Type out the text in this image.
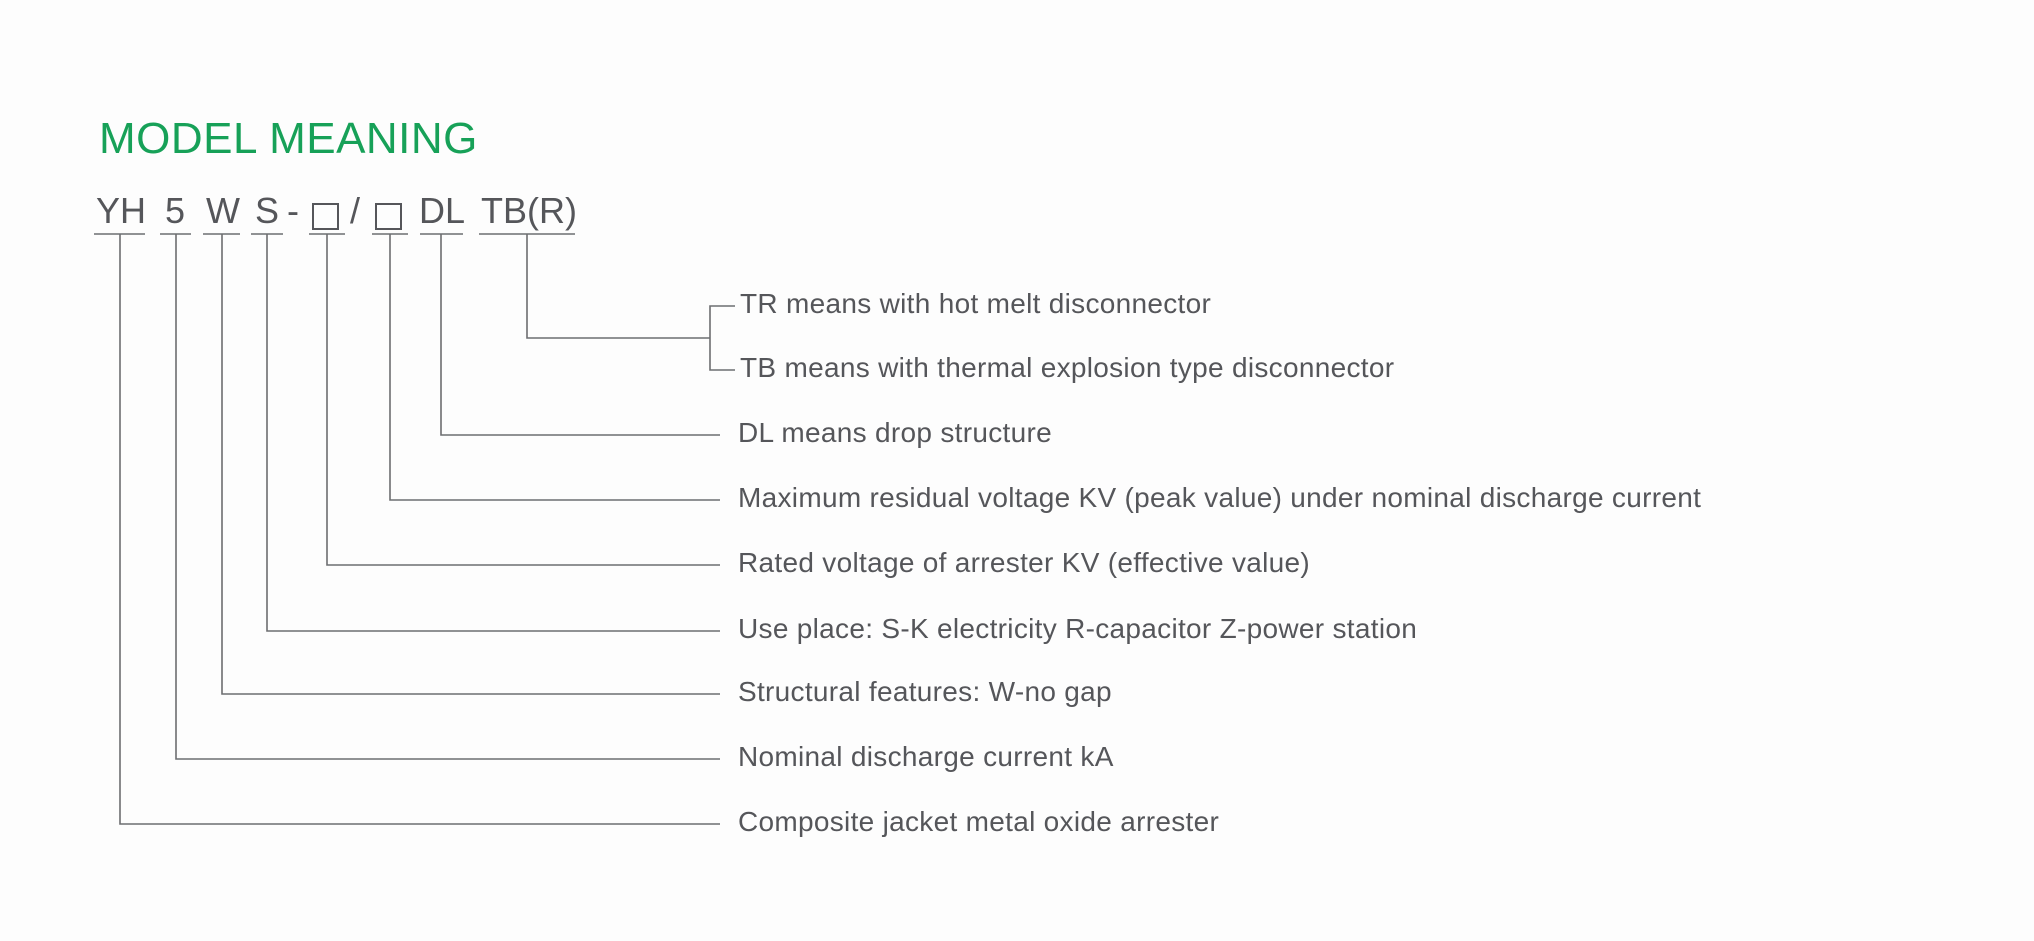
MODEL MEANING
YH 5 W S - / DL TB(R)
TR means with hot melt disconnector
TB means with thermal explosion type disconnector
DL means drop structure
Maximum residual voltage KV (peak value) under nominal discharge current
Rated voltage of arrester KV (effective value)
Use place: S-K electricity R-capacitor Z-power station
Structural features: W-no gap
Nominal discharge current kA
Composite jacket metal oxide arrester
